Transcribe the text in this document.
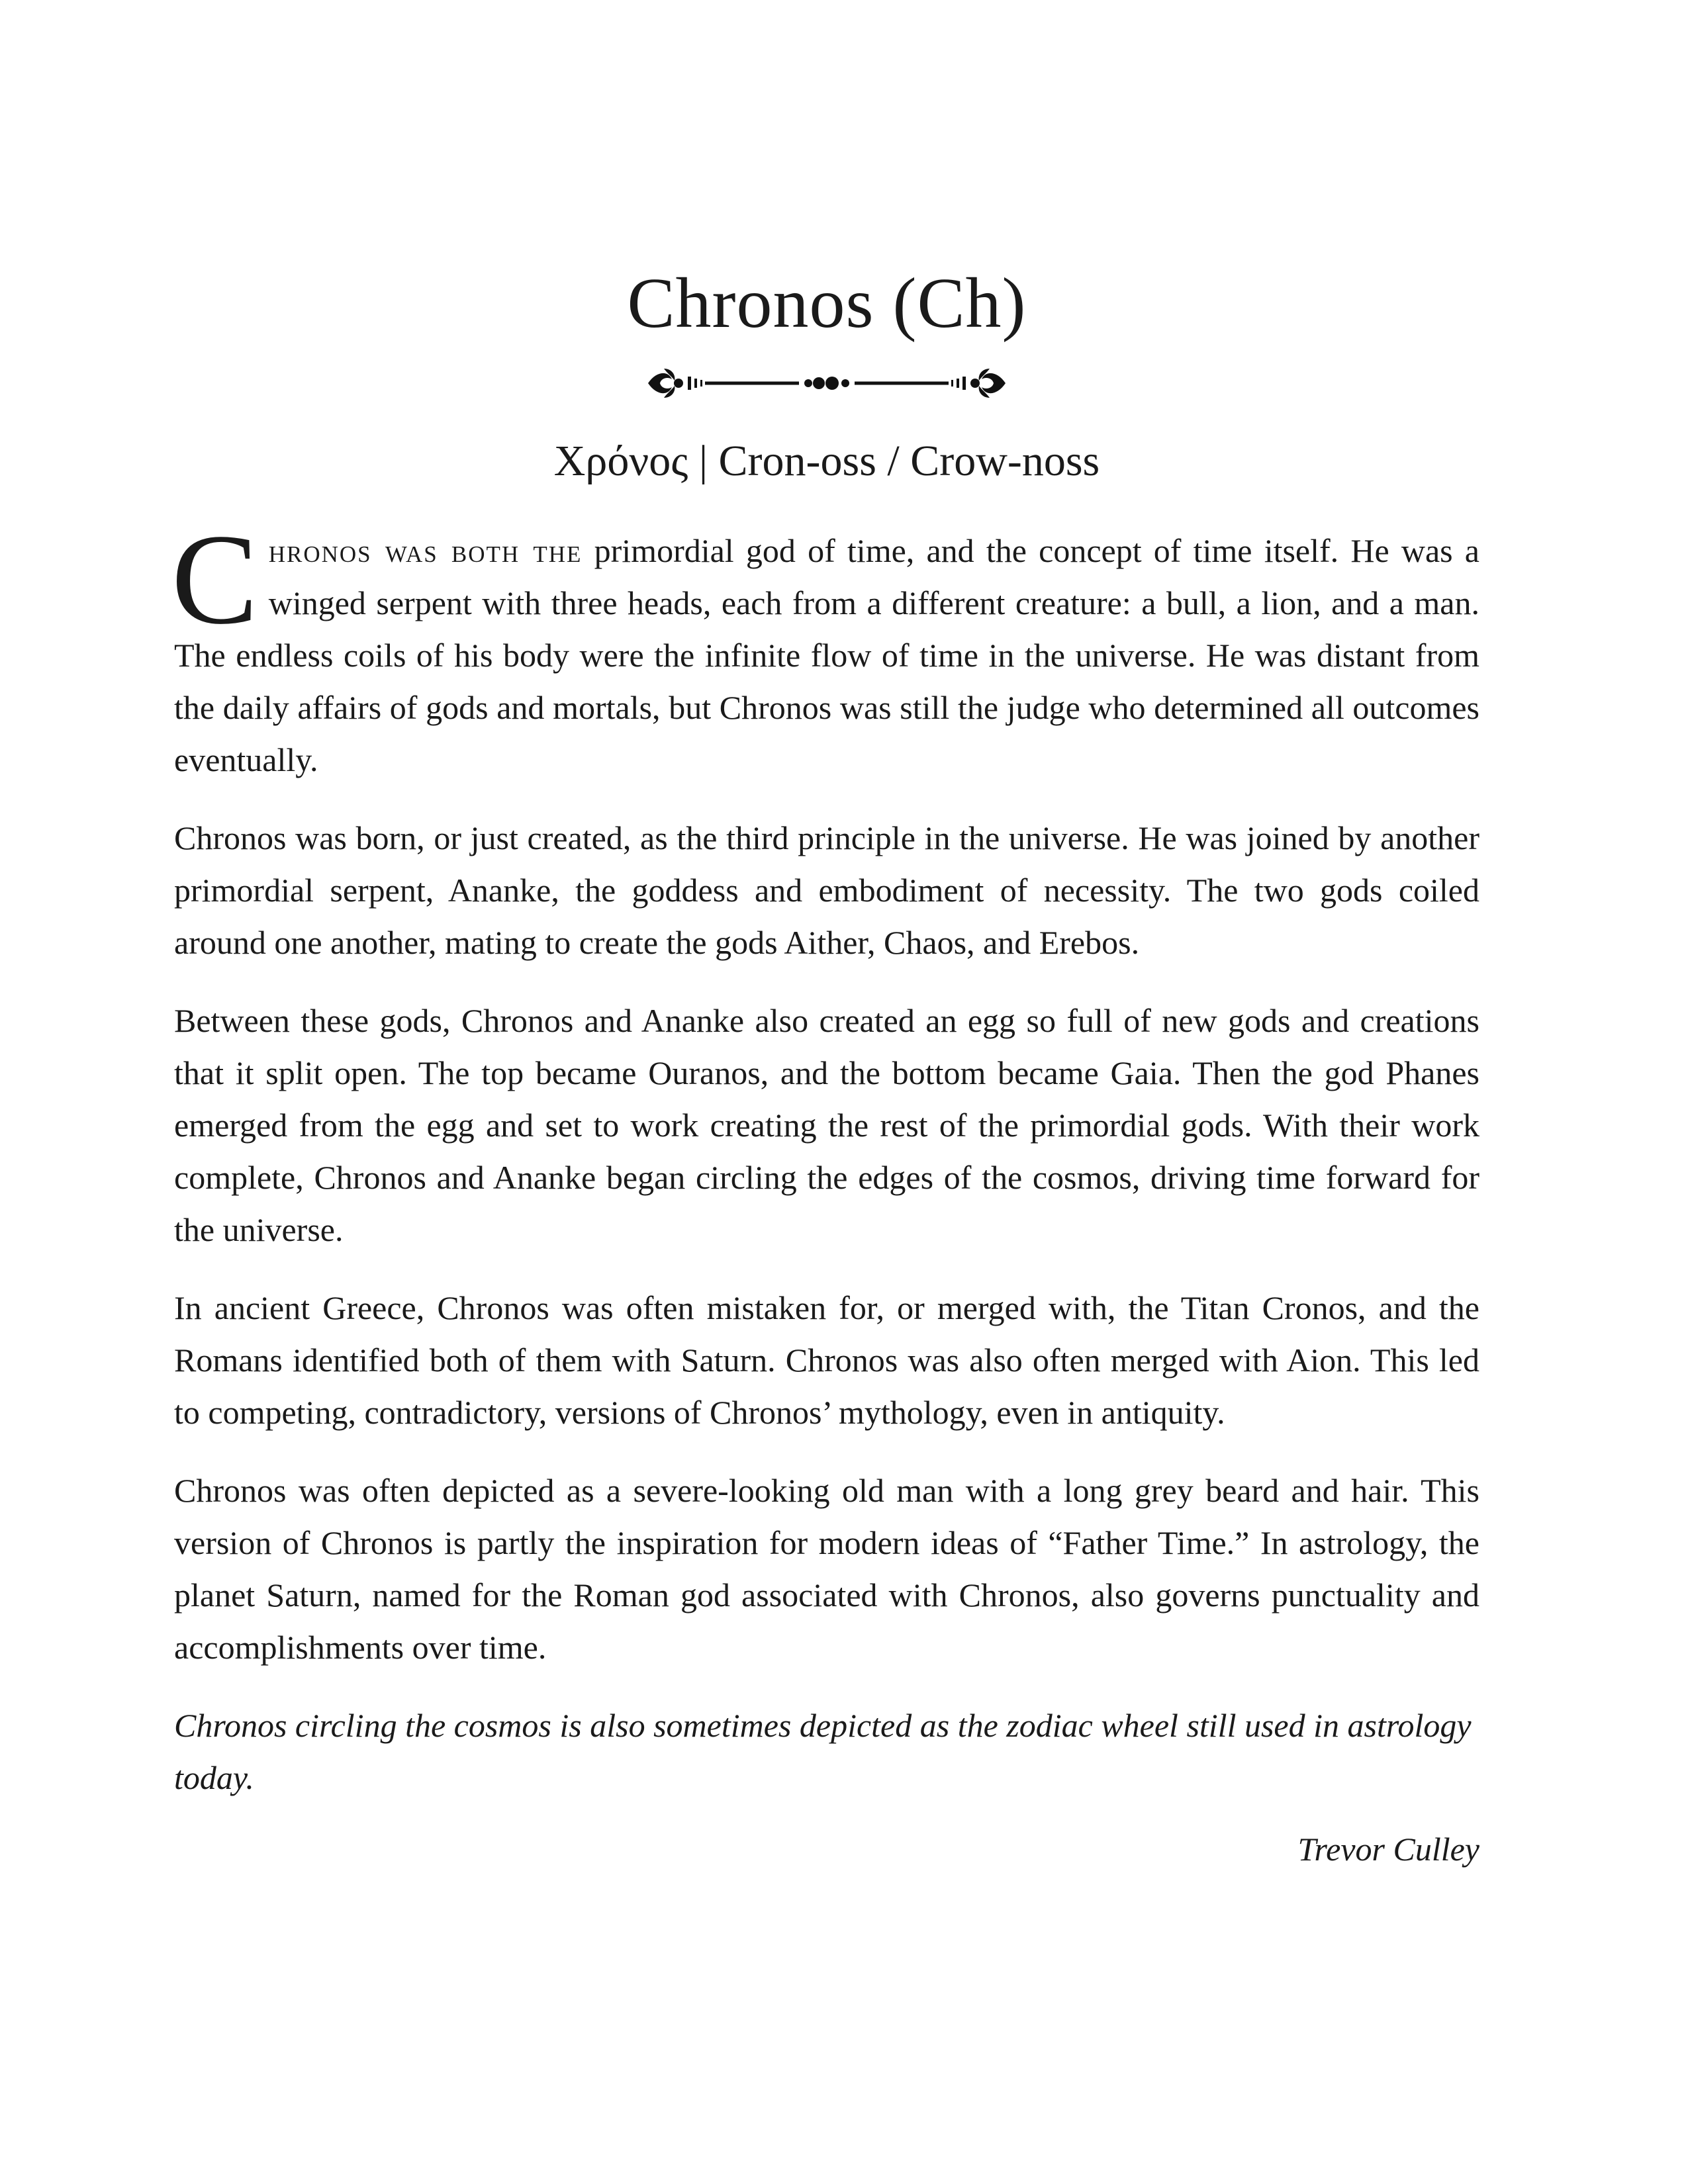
Chronos (Ch)
Χρόνος | Cron-oss / Crow-noss

Chronos was both the primordial god of time, and the concept of time itself. He was a winged serpent with three heads, each from a different creature: a bull, a lion, and a man. The endless coils of his body were the infinite flow of time in the universe. He was distant from the daily affairs of gods and mortals, but Chronos was still the judge who determined all outcomes eventually.

Chronos was born, or just created, as the third principle in the universe. He was joined by another primordial serpent, Ananke, the goddess and embodiment of necessity. The two gods coiled around one another, mating to create the gods Aither, Chaos, and Erebos.

Between these gods, Chronos and Ananke also created an egg so full of new gods and creations that it split open. The top became Ouranos, and the bottom became Gaia. Then the god Phanes emerged from the egg and set to work creating the rest of the primordial gods. With their work complete, Chronos and Ananke began circling the edges of the cosmos, driving time forward for the universe.

In ancient Greece, Chronos was often mistaken for, or merged with, the Titan Cronos, and the Romans identified both of them with Saturn. Chronos was also often merged with Aion. This led to competing, contradictory, versions of Chronos’ mythology, even in antiquity.

Chronos was often depicted as a severe-looking old man with a long grey beard and hair. This version of Chronos is partly the inspiration for modern ideas of “Father Time.” In astrology, the planet Saturn, named for the Roman god associated with Chronos, also governs punctuality and accomplishments over time.

Chronos circling the cosmos is also sometimes depicted as the zodiac wheel still used in astrology today.

Trevor Culley
